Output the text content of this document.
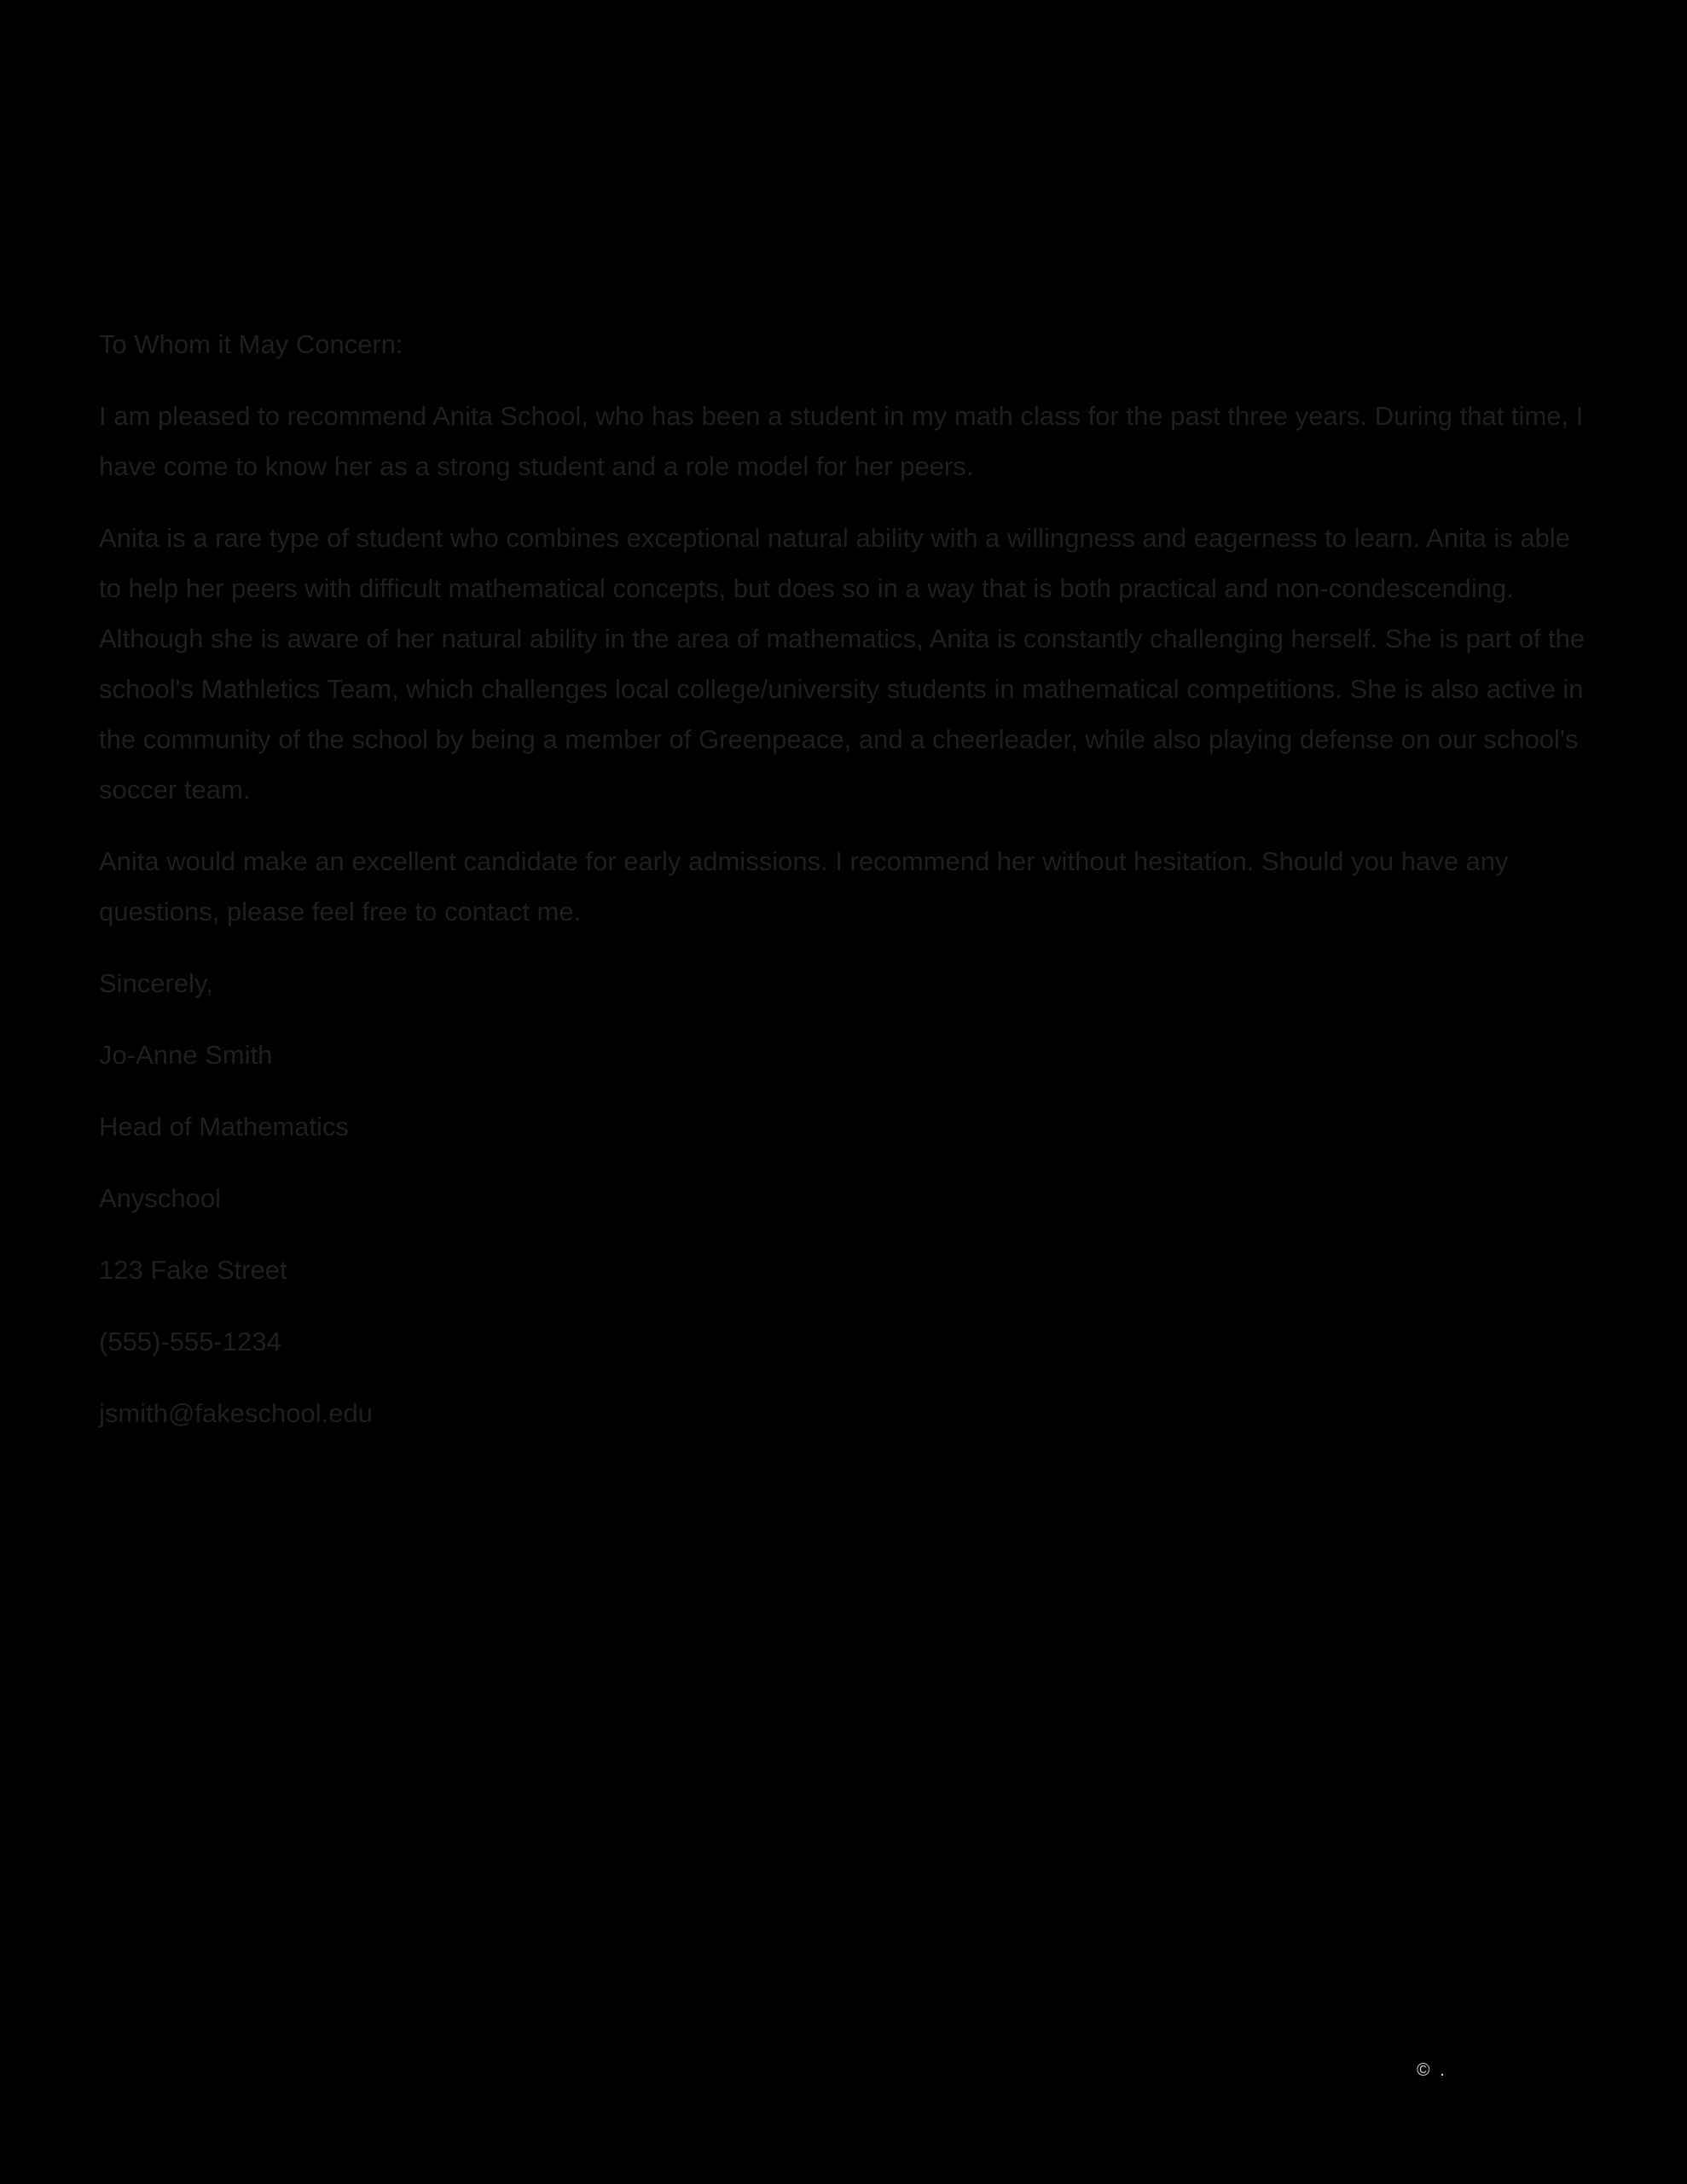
To Whom it May Concern:

I am pleased to recommend Anita School, who has been a student in my math class for the past three years. During that time, I have come to know her as a strong student and a role model for her peers.

Anita is a rare type of student who combines exceptional natural ability with a willingness and eagerness to learn. Anita is able to help her peers with difficult mathematical concepts, but does so in a way that is both practical and non-condescending. Although she is aware of her natural ability in the area of mathematics, Anita is constantly challenging herself. She is part of the school's Mathletics Team, which challenges local college/university students in mathematical competitions. She is also active in the community of the school by being a member of Greenpeace, and a cheerleader, while also playing defense on our school's soccer team.

Anita would make an excellent candidate for early admissions. I recommend her without hesitation. Should you have any questions, please feel free to contact me.

Sincerely,

Jo-Anne Smith

Head of Mathematics

Anyschool

123 Fake Street

(555)-555-1234

jsmith@fakeschool.edu

©  .
